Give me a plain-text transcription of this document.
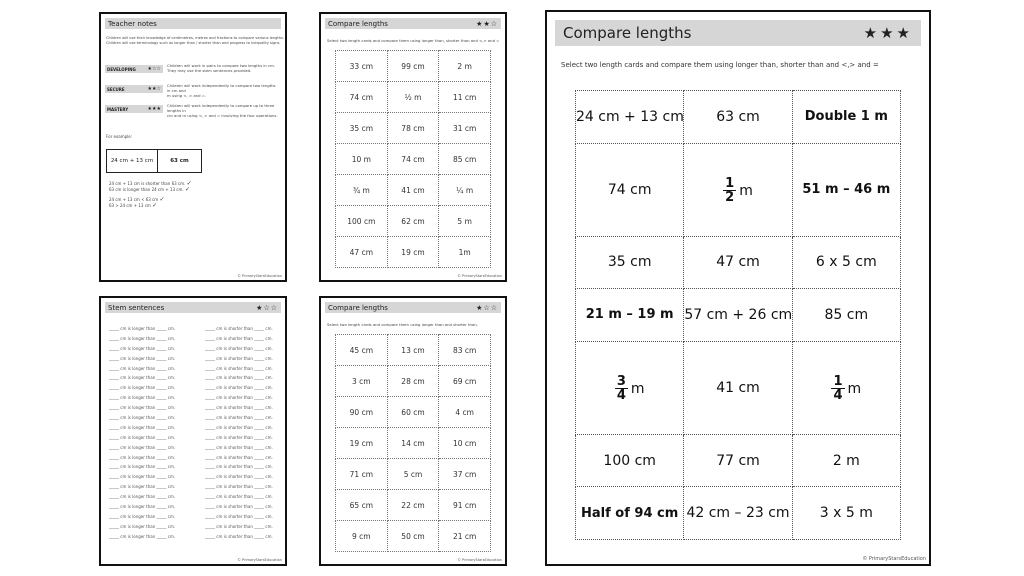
Teacher notes
Children will use their knowledge of centimetres, metres and fractions to compare various lengths.
Children will use terminology such as longer than / shorter than and progress to inequality signs.
DEVELOPING ★☆☆
Children will work in pairs to compare two lengths in cm.
They may use the stem sentences provided.
SECURE	★★☆
Children will work independently to compare two lengths in cm and
m using <, > and =.
MASTERY	★★★
Children will work independently to compare up to three lengths in
cm and m using <, > and = involving the four operations.
For example:
24 cm + 13 cm	63 cm
24 cm + 13 cm is shorter than 63 cm. ✓
63 cm is longer than 24 cm + 13 cm. ✓
24 cm + 13 cm < 63 cm ✓
63 > 24 cm + 13 cm ✓
© PrimaryStarsEducation
Stem sentences	★☆☆
_____ cm is longer than _____ cm.
_____ cm is longer than _____ cm.
_____ cm is longer than _____ cm.
_____ cm is longer than _____ cm.
_____ cm is longer than _____ cm.
_____ cm is longer than _____ cm.
_____ cm is longer than _____ cm.
_____ cm is longer than _____ cm.
_____ cm is longer than _____ cm.
_____ cm is longer than _____ cm.
_____ cm is longer than _____ cm.
_____ cm is longer than _____ cm.
_____ cm is longer than _____ cm.
_____ cm is longer than _____ cm.
_____ cm is longer than _____ cm.
_____ cm is longer than _____ cm.
_____ cm is longer than _____ cm.
_____ cm is longer than _____ cm.
_____ cm is longer than _____ cm.
_____ cm is longer than _____ cm.
_____ cm is longer than _____ cm.
_____ cm is longer than _____ cm.
_____ cm is shorter than _____ cm.
_____ cm is shorter than _____ cm.
_____ cm is shorter than _____ cm.
_____ cm is shorter than _____ cm.
_____ cm is shorter than _____ cm.
_____ cm is shorter than _____ cm.
_____ cm is shorter than _____ cm.
_____ cm is shorter than _____ cm.
_____ cm is shorter than _____ cm.
_____ cm is shorter than _____ cm.
_____ cm is shorter than _____ cm.
_____ cm is shorter than _____ cm.
_____ cm is shorter than _____ cm.
_____ cm is shorter than _____ cm.
_____ cm is shorter than _____ cm.
_____ cm is shorter than _____ cm.
_____ cm is shorter than _____ cm.
_____ cm is shorter than _____ cm.
_____ cm is shorter than _____ cm.
_____ cm is shorter than _____ cm.
_____ cm is shorter than _____ cm.
_____ cm is shorter than _____ cm.
© PrimaryStarsEducation
Compare lengths	★★☆
Select two length cards and compare them using longer than, shorter than and <,> and =
33 cm	99 cm	2 m
74 cm	½ m	11 cm
35 cm	78 cm	31 cm
10 m	74 cm	85 cm
¾ m	41 cm	¼ m
100 cm	62 cm	5 m
47 cm	19 cm	1m
© PrimaryStarsEducation
Compare lengths	★☆☆
Select two length cards and compare them using longer than and shorter than.
45 cm	13 cm	83 cm
3 cm	28 cm	69 cm
90 cm	60 cm	4 cm
19 cm	14 cm	10 cm
71 cm	5 cm	37 cm
65 cm	22 cm	91 cm
9 cm	50 cm	21 cm
© PrimaryStarsEducation
Compare lengths	★★★
Select two length cards and compare them using longer than, shorter than and <,> and =
24 cm + 13 cm	63 cm	Double 1 m
74 cm	$\frac{1}{2}$ m	51 m – 46 m
35 cm	47 cm	6 x 5 cm
21 m – 19 m	57 cm + 26 cm	85 cm

$\frac{3}{4}$ m	41 cm	$\frac{1}{4}$ m

100 cm	77 cm	2 m
Half of 94 cm	42 cm – 23 cm	3 x 5 m
© PrimaryStarsEducation
